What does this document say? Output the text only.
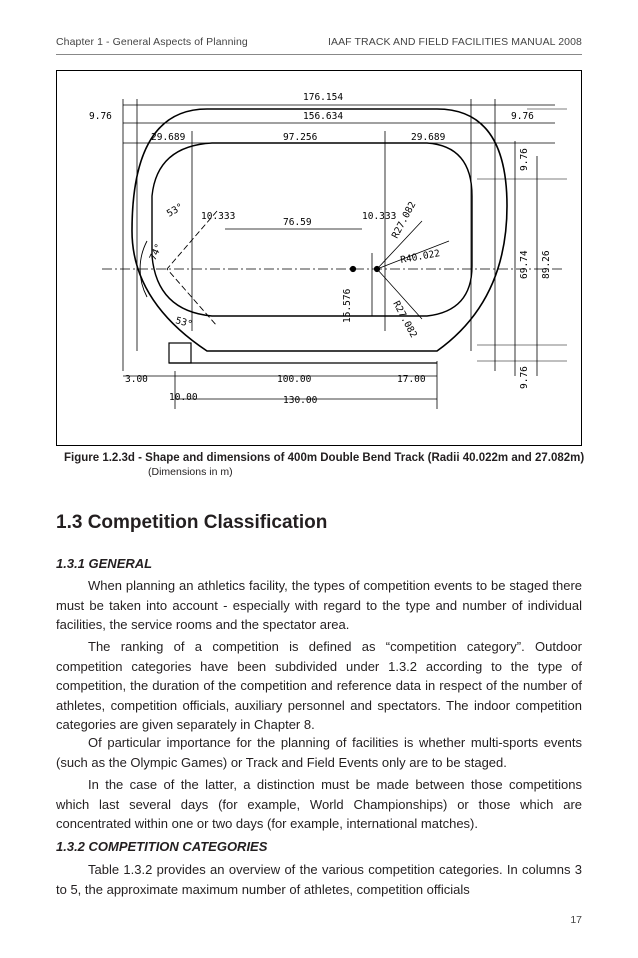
Chapter 1 - General Aspects of Planning	IAAF TRACK AND FIELD FACILITIES MANUAL 2008
176.154
156.634
9.76	9.76
29.689	97.256	29.689
9.76
69.74 89.26
9.76
10.333
76.59
10.333
53°
74°
53°
R27.082
R40.022
R27.082
15.576
3.00	100.00	17.00
10.00	130.00
Figure 1.2.3d - Shape and dimensions of 400m Double Bend Track (Radii 40.022m and 27.082m)
(Dimensions in m)
1.3 Competition Classification
1.3.1 GENERAL

When planning an athletics facility, the types of competition events to be staged there must be taken into account - especially with regard to the type and number of individual facilities, the service rooms and the spectator area.

The ranking of a competition is defined as “competition category”. Outdoor competition categories have been subdivided under 1.3.2 according to the type of competition, the duration of the competition and reference data in respect of the number of athletes, competition officials, auxiliary personnel and spectators. The indoor competition categories are given separately in Chapter 8.

Of particular importance for the planning of facilities is whether multi-sports events (such as the Olympic Games) or Track and Field Events only are to be staged.

In the case of the latter, a distinction must be made between those competitions which last several days (for example, World Championships) or those which are concentrated within one or two days (for example, international matches).

1.3.2 COMPETITION CATEGORIES

Table 1.3.2 provides an overview of the various competition categories. In columns 3 to 5, the approximate maximum number of athletes, competition officials

17
